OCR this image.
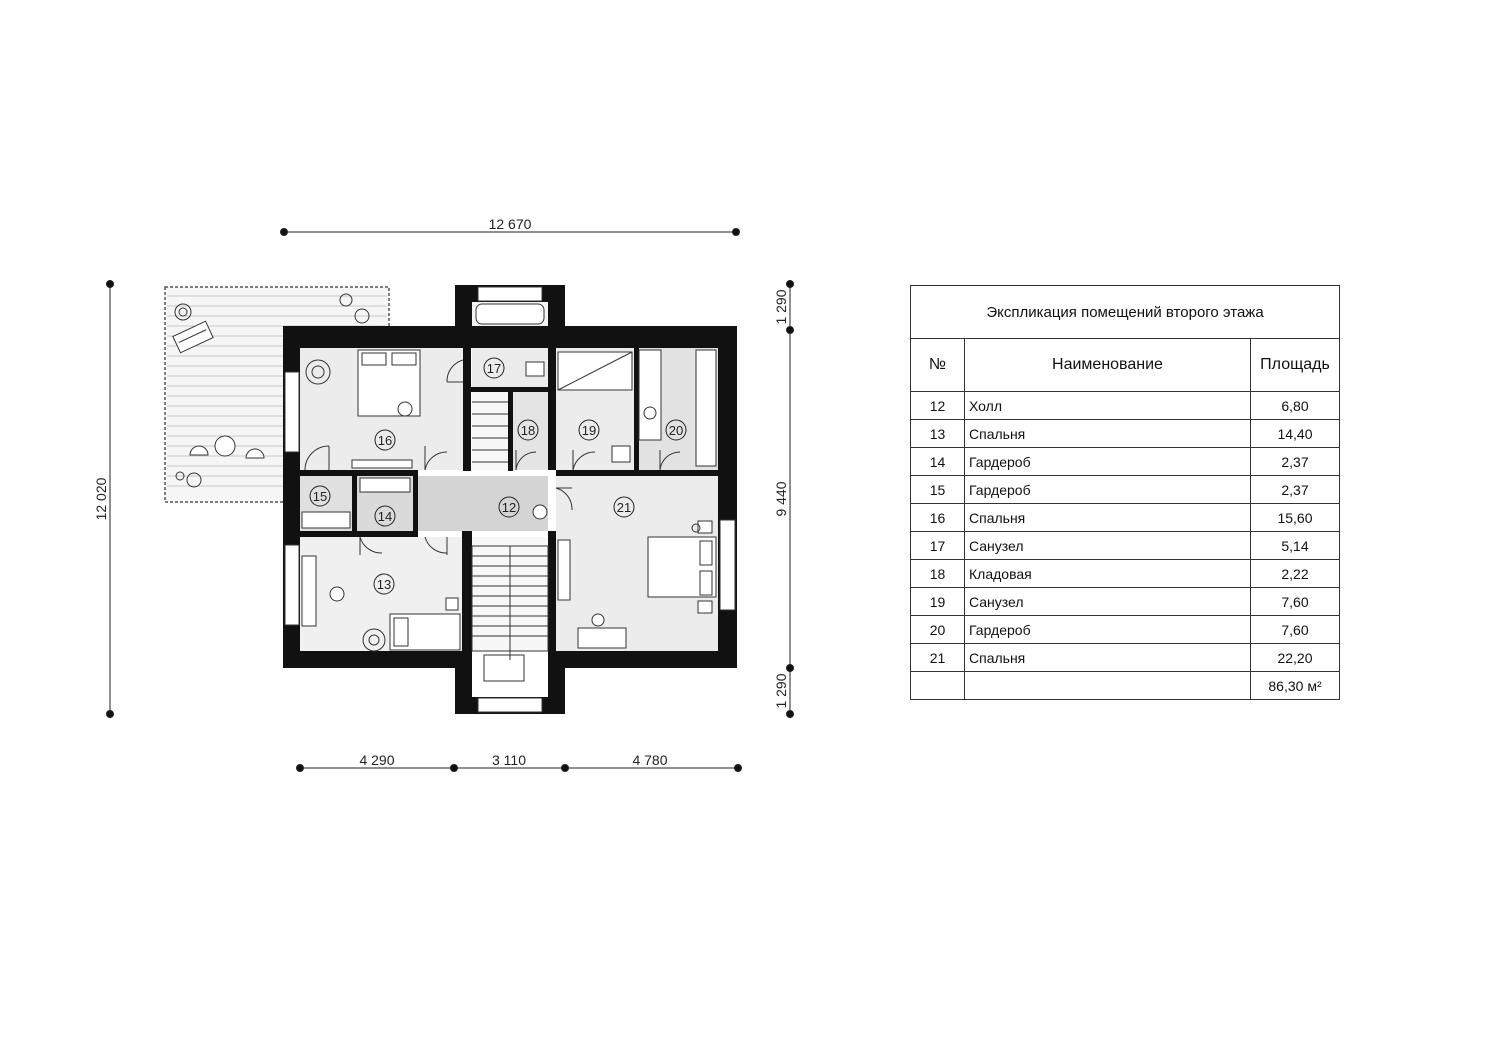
12 670
12 020
1 290
9 440
1 290
4 290	3 110	4 780
12
13
14
15
16
17
18	19	20
21
Экспликация помещений второго этажа		
№	Наименование	Площадь
12	Холл	6,80
13	Спальня	14,40
14	Гардероб	2,37
15	Гардероб	2,37
16	Спальня	15,60
17	Санузел	5,14
18	Кладовая	2,22
19	Санузел	7,60
20	Гардероб	7,60
21	Спальня	22,20
		86,30 м²
